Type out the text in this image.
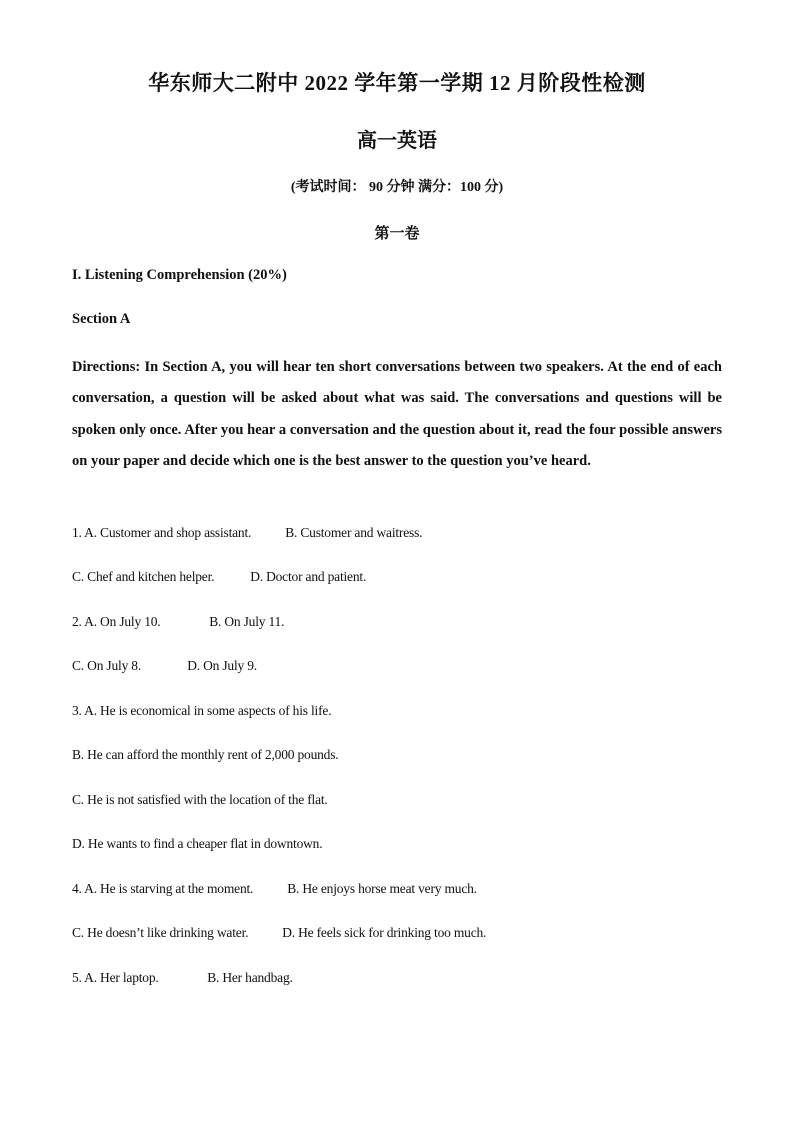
华东师大二附中 2022 学年第一学期 12 月阶段性检测
高一英语
(考试时间： 90 分钟 满分：100 分)
第一卷
I. Listening Comprehension (20%)
Section A
Directions: In Section A, you will hear ten short conversations between two speakers. At the end of each conversation, a question will be asked about what was said. The conversations and questions will be spoken only once. After you hear a conversation and the question about it, read the four possible answers on your paper and decide which one is the best answer to the question you’ve heard.
1. A. Customer and shop assistant.	B. Customer and waitress.
C. Chef and kitchen helper.	D. Doctor and patient.
2. A. On July 10.	B. On July 11.
C. On July 8.	D. On July 9.
3. A. He is economical in some aspects of his life.
B. He can afford the monthly rent of 2,000 pounds.
C. He is not satisfied with the location of the flat.
D. He wants to find a cheaper flat in downtown.
4. A. He is starving at the moment.	B. He enjoys horse meat very much.
C. He doesn’t like drinking water.	D. He feels sick for drinking too much.
5. A. Her laptop.	B. Her handbag.
